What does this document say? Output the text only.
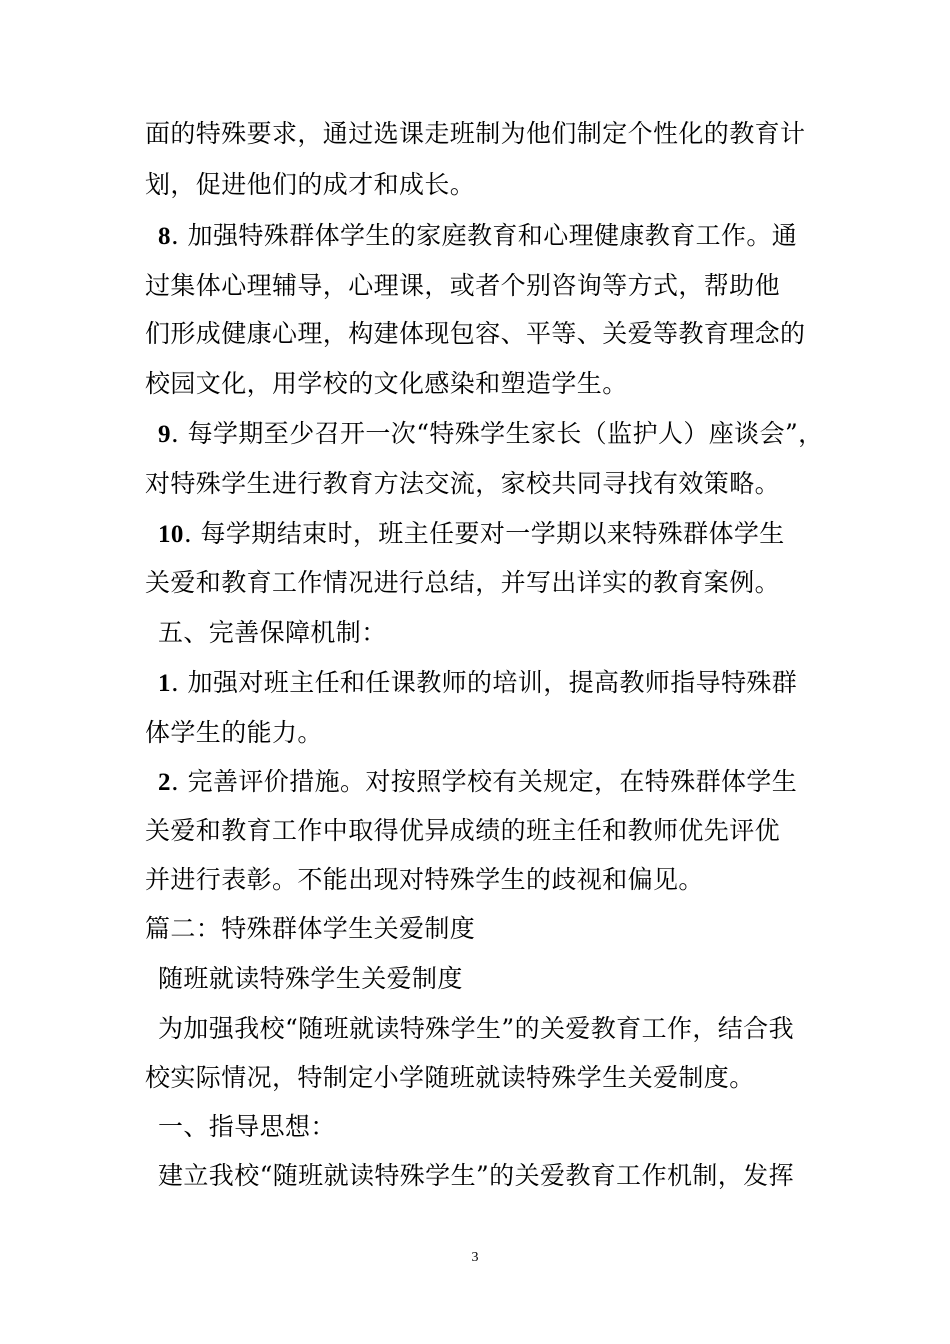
面的特殊要求，通过选课走班制为他们制定个性化的教育计
划，促进他们的成才和成长。
8. 加强特殊群体学生的家庭教育和心理健康教育工作。通
过集体心理辅导，心理课，或者个别咨询等方式，帮助他
们形成健康心理，构建体现包容、平等、关爱等教育理念的
校园文化，用学校的文化感染和塑造学生。
9. 每学期至少召开一次“特殊学生家长（监护人）座谈会”，
对特殊学生进行教育方法交流，家校共同寻找有效策略。
10. 每学期结束时，班主任要对一学期以来特殊群体学生
关爱和教育工作情况进行总结，并写出详实的教育案例。
五、完善保障机制：
1. 加强对班主任和任课教师的培训，提高教师指导特殊群
体学生的能力。
2. 完善评价措施。对按照学校有关规定，在特殊群体学生
关爱和教育工作中取得优异成绩的班主任和教师优先评优
并进行表彰。不能出现对特殊学生的歧视和偏见。
篇二：特殊群体学生关爱制度
随班就读特殊学生关爱制度
为加强我校“随班就读特殊学生”的关爱教育工作，结合我
校实际情况，特制定小学随班就读特殊学生关爱制度。
一、指导思想：
建立我校“随班就读特殊学生”的关爱教育工作机制，发挥
3
